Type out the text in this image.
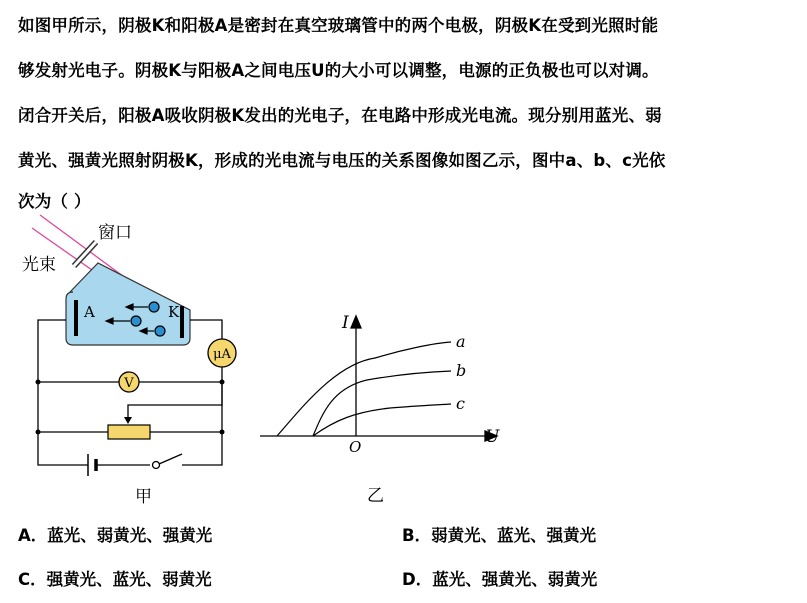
如图甲所示，阴极K和阳极A是密封在真空玻璃管中的两个电极，阴极K在受到光照时能
够发射光电子。阴极K与阳极A之间电压U的大小可以调整，电源的正负极也可以对调。
闭合开关后，阳极A吸收阴极K发出的光电子，在电路中形成光电流。现分别用蓝光、弱
黄光、强黄光照射阴极K，形成的光电流与电压的关系图像如图乙示，图中a、b、c光依
次为（ ）
窗口
光束
A	K
μA
V
甲
I
U
O
a
b
c
乙
A．蓝光、弱黄光、强黄光	B．弱黄光、蓝光、强黄光
C．强黄光、蓝光、弱黄光	D．蓝光、强黄光、弱黄光
